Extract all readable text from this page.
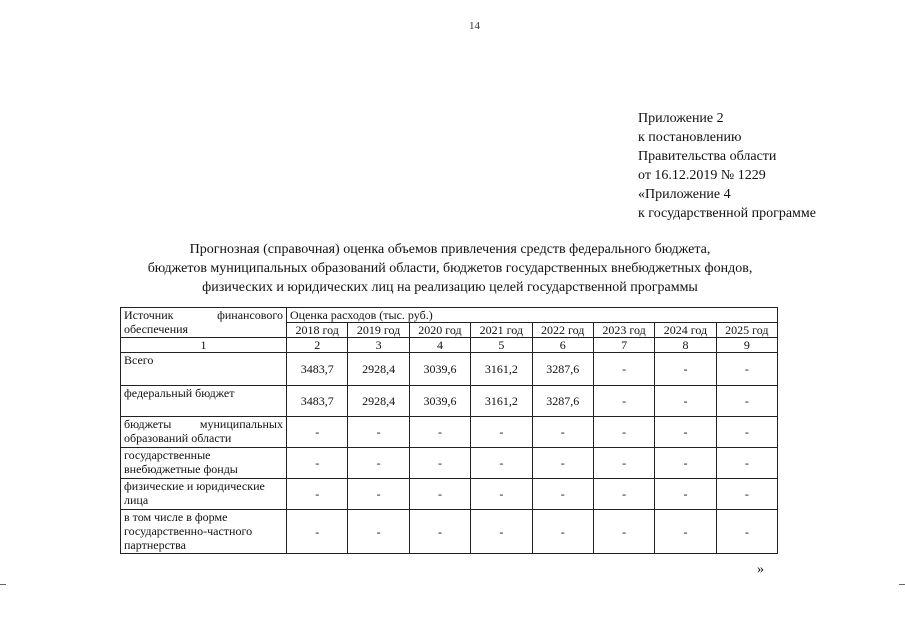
14
Приложение 2
к постановлению
Правительства области
от 16.12.2019 № 1229
«Приложение 4
к государственной программе
Прогнозная (справочная) оценка объемов привлечения средств федерального бюджета,
бюджетов муниципальных образований области, бюджетов государственных внебюджетных фондов,
физических и юридических лиц на реализацию целей государственной программы
Источник финансового
обеспечения	Оценка расходов (тыс. руб.)							
	2018 год	2019 год	2020 год	2021 год	2022 год	2023 год	2024 год	2025 год
1	2	3	4	5	6	7	8	9

Всего	3483,7	2928,4	3039,6	3161,2	3287,6	-	-	-

федеральный бюджет	3483,7	2928,4	3039,6	3161,2	3287,6	-	-	-

бюджеты муниципальных
образований области	-	-	-	-	-	-	-	-

государственные
внебюджетные фонды	-	-	-	-	-	-	-	-

физические и юридические
лица	-	-	-	-	-	-	-	-

в том числе в форме
государственно-частного
партнерства	-	-	-	-	-	-	-	-
»
